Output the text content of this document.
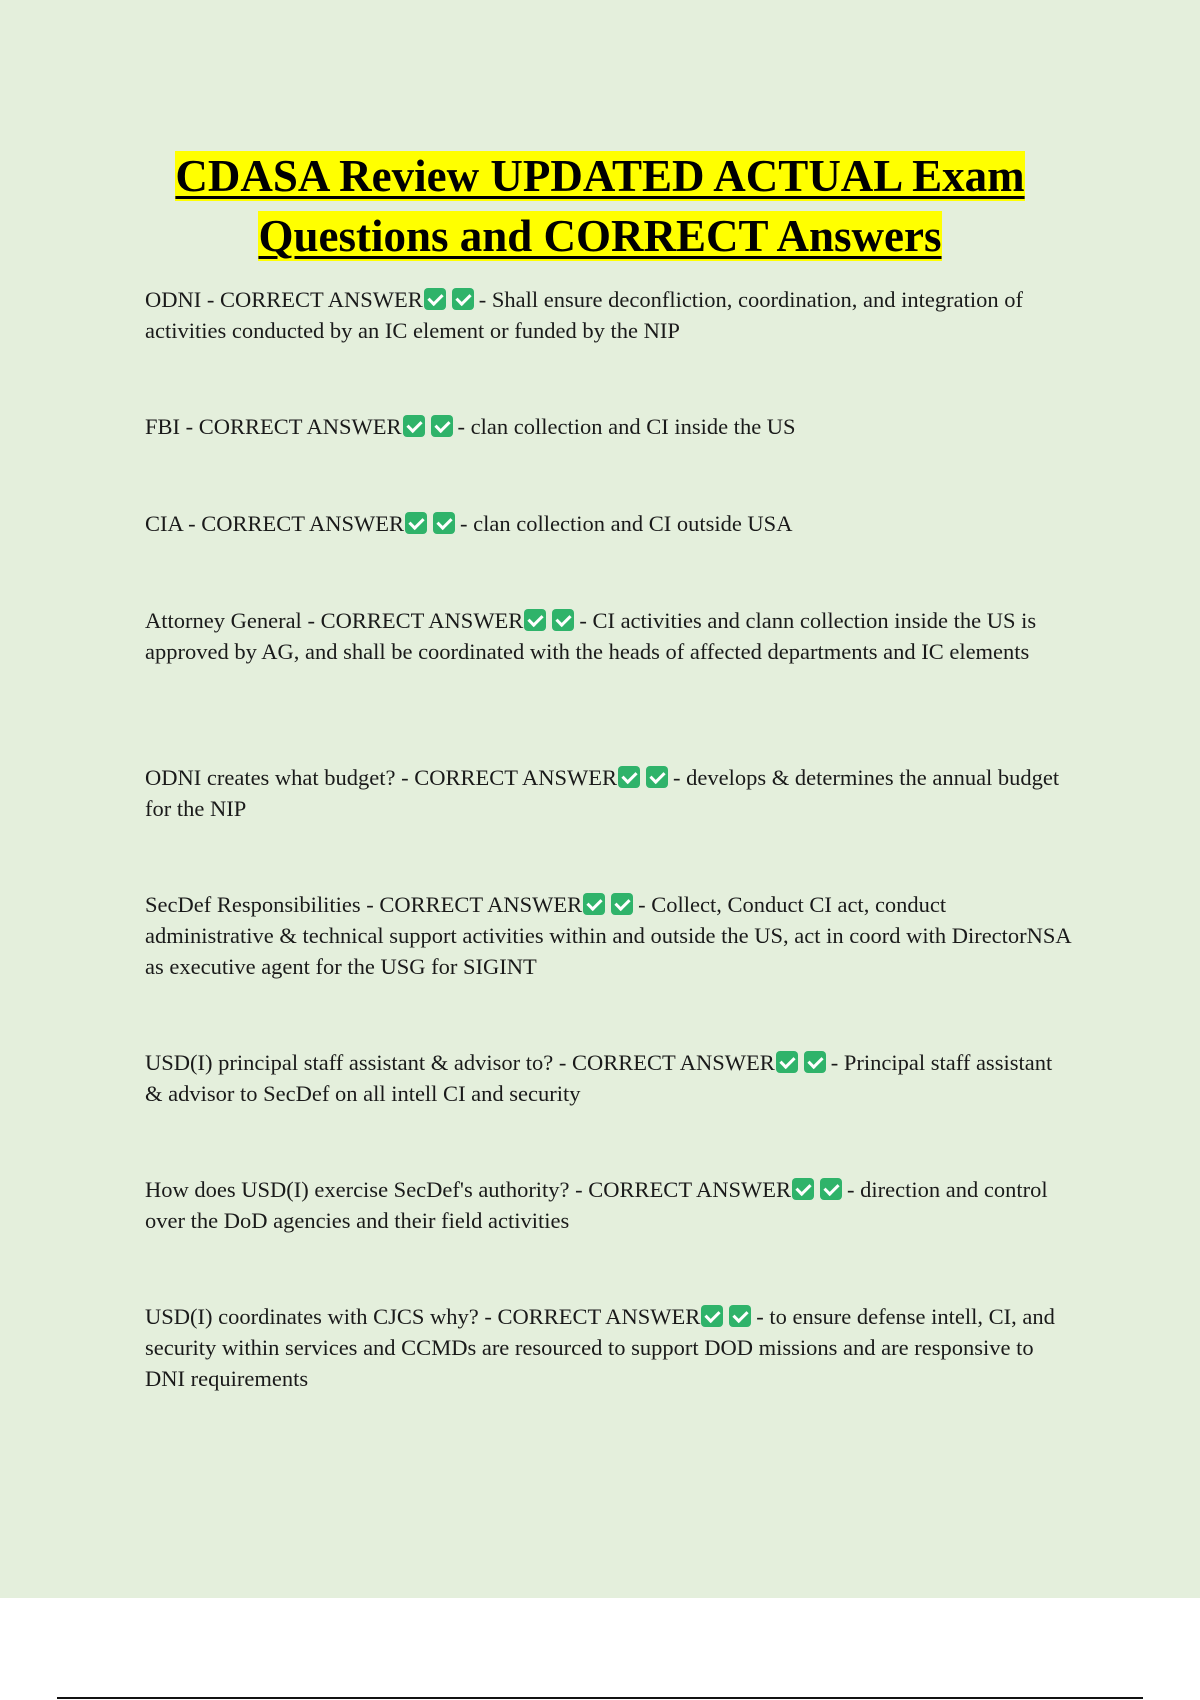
CDASA Review UPDATED ACTUAL Exam
Questions and CORRECT Answers

ODNI - CORRECT ANSWER - Shall ensure deconfliction, coordination, and integration of activities conducted by an IC element or funded by the NIP

FBI - CORRECT ANSWER - clan collection and CI inside the US

CIA - CORRECT ANSWER - clan collection and CI outside USA

Attorney General - CORRECT ANSWER - CI activities and clann collection inside the US is approved by AG, and shall be coordinated with the heads of affected departments and IC elements

ODNI creates what budget? - CORRECT ANSWER - develops & determines the annual budget for the NIP

SecDef Responsibilities - CORRECT ANSWER - Collect, Conduct CI act, conduct administrative & technical support activities within and outside the US, act in coord with DirectorNSA as executive agent for the USG for SIGINT

USD(I) principal staff assistant & advisor to? - CORRECT ANSWER - Principal staff assistant & advisor to SecDef on all intell CI and security

How does USD(I) exercise SecDef's authority? - CORRECT ANSWER - direction and control over the DoD agencies and their field activities

USD(I) coordinates with CJCS why? - CORRECT ANSWER - to ensure defense intell, CI, and security within services and CCMDs are resourced to support DOD missions and are responsive to DNI requirements
